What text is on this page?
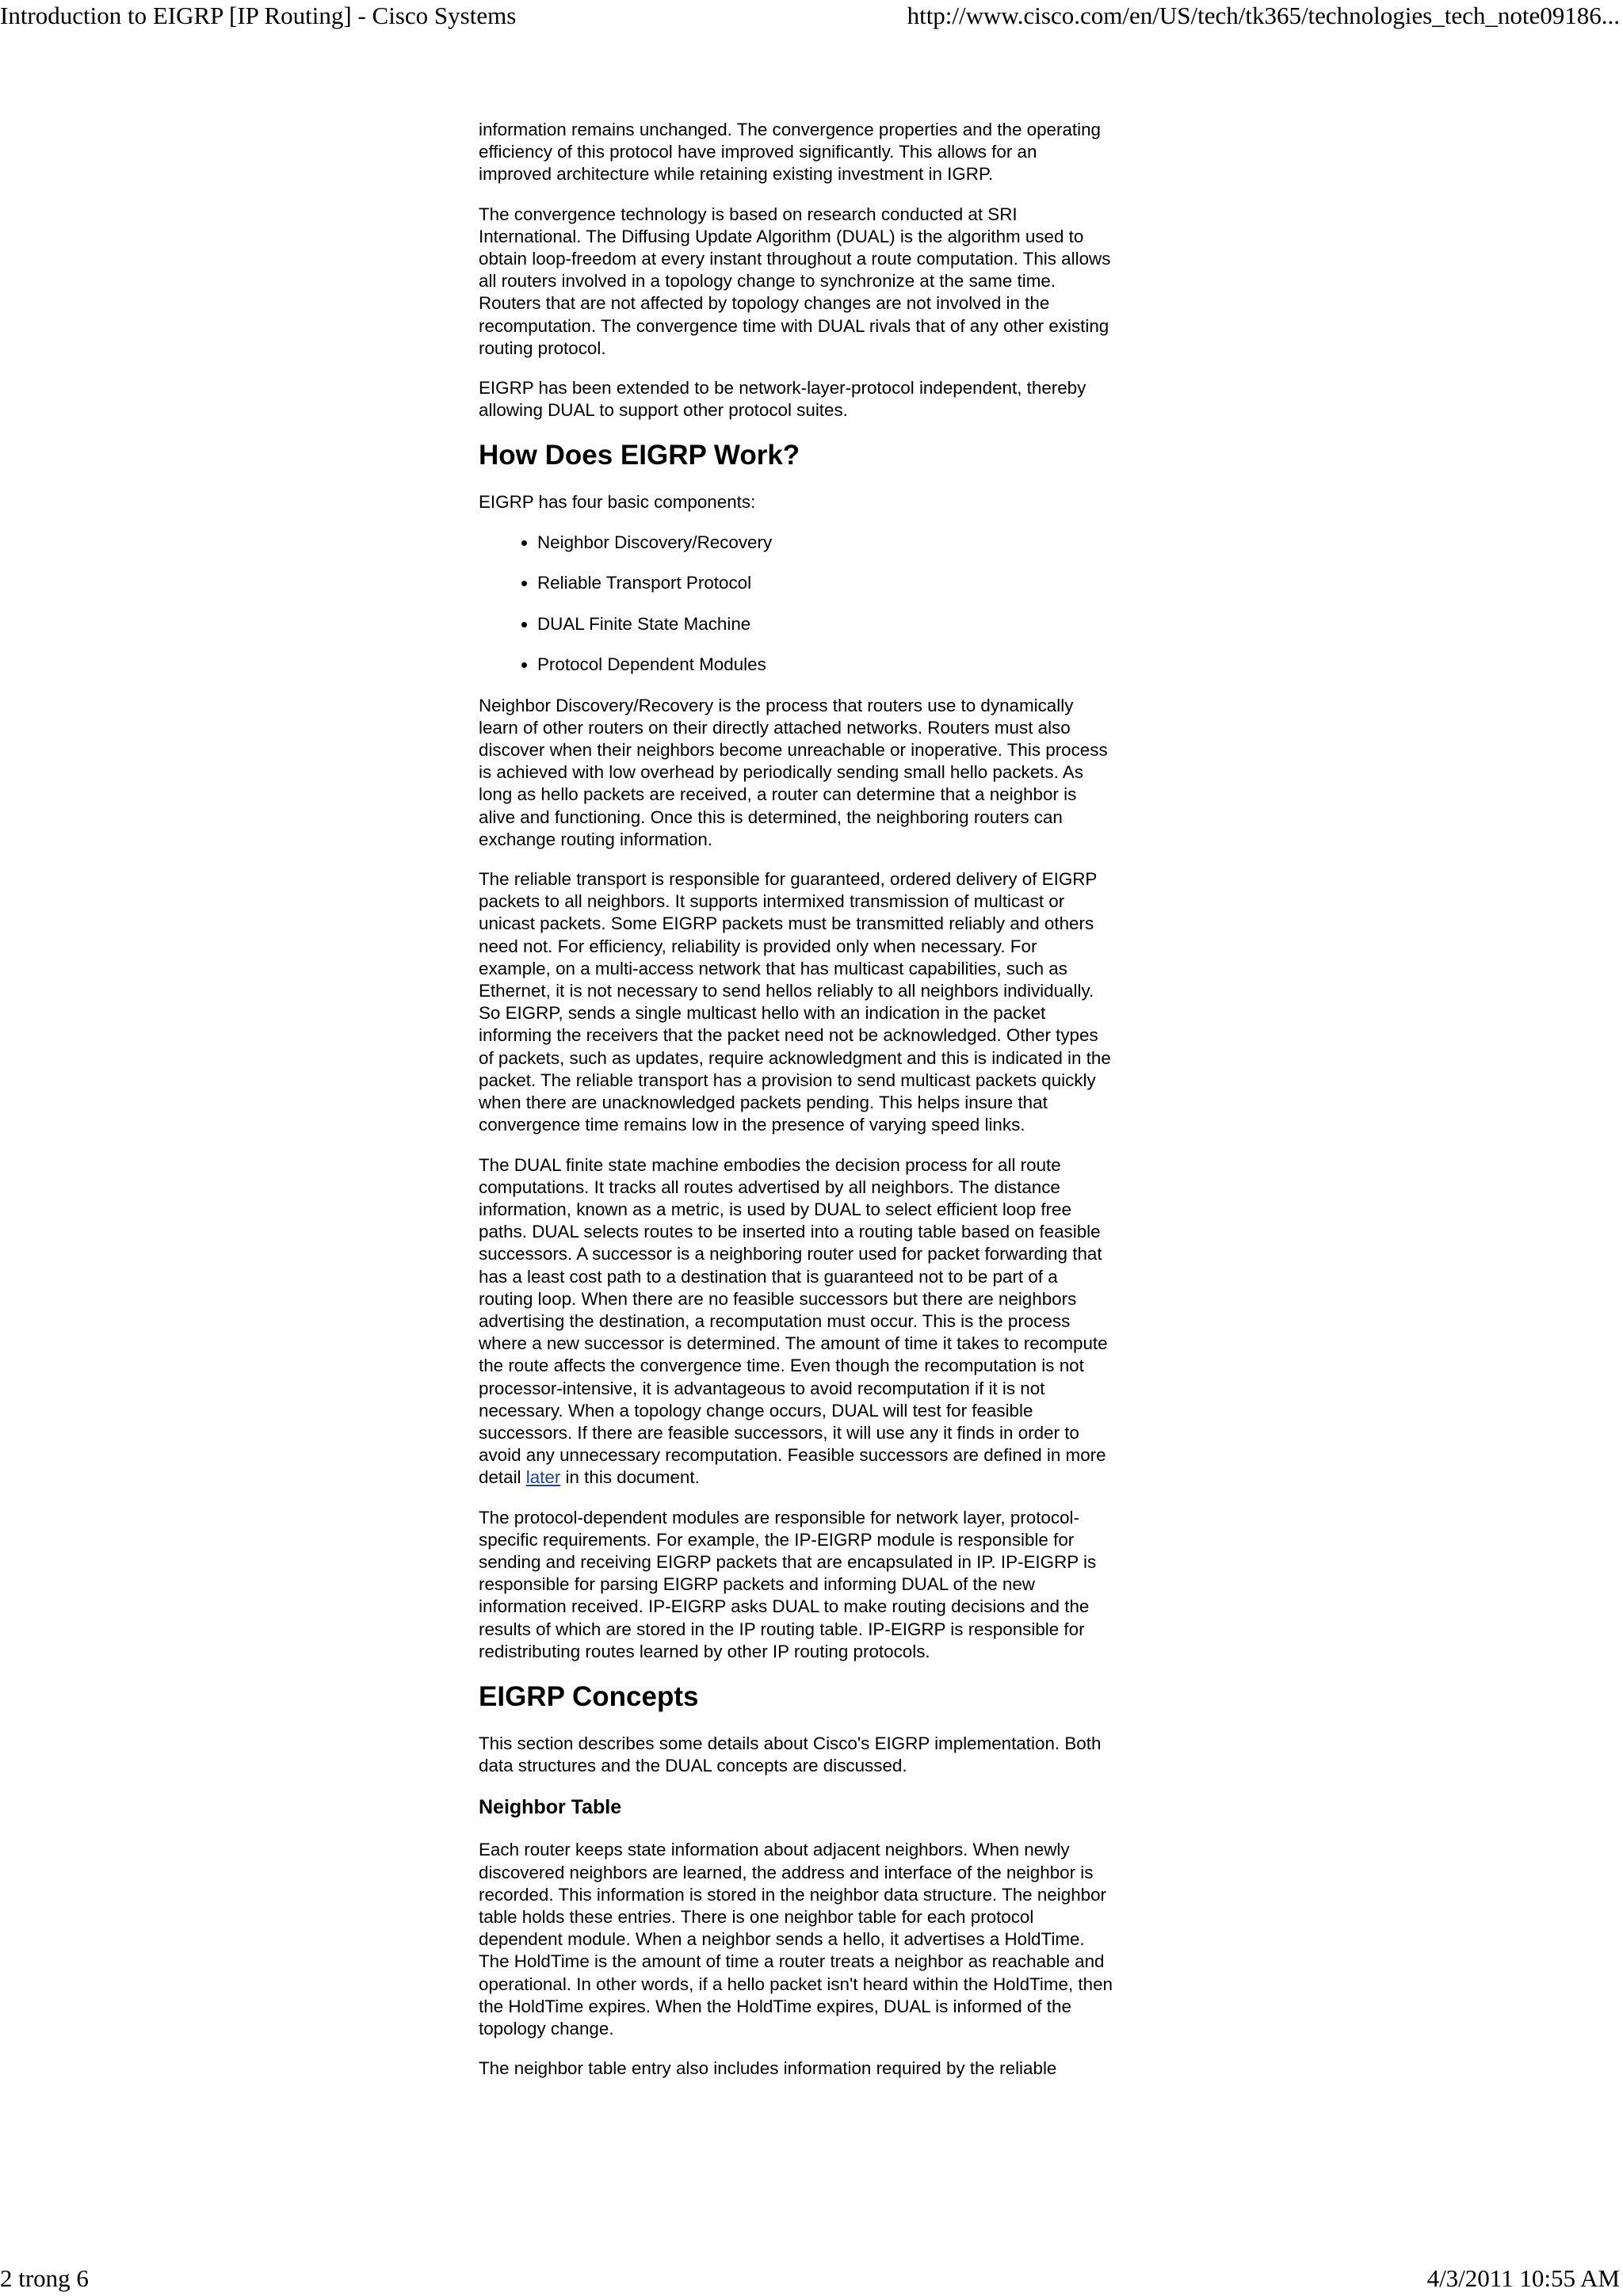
Introduction to EIGRP [IP Routing] - Cisco Systems	http://www.cisco.com/en/US/tech/tk365/technologies_tech_note09186...

information remains unchanged. The convergence properties and the operating efficiency of this protocol have improved significantly. This allows for an improved architecture while retaining existing investment in IGRP.

The convergence technology is based on research conducted at SRI International. The Diffusing Update Algorithm (DUAL) is the algorithm used to obtain loop-freedom at every instant throughout a route computation. This allows all routers involved in a topology change to synchronize at the same time. Routers that are not affected by topology changes are not involved in the recomputation. The convergence time with DUAL rivals that of any other existing routing protocol.

EIGRP has been extended to be network-layer-protocol independent, thereby allowing DUAL to support other protocol suites.

How Does EIGRP Work?

EIGRP has four basic components:

• Neighbor Discovery/Recovery
• Reliable Transport Protocol
• DUAL Finite State Machine
• Protocol Dependent Modules

Neighbor Discovery/Recovery is the process that routers use to dynamically learn of other routers on their directly attached networks. Routers must also discover when their neighbors become unreachable or inoperative. This process is achieved with low overhead by periodically sending small hello packets. As long as hello packets are received, a router can determine that a neighbor is alive and functioning. Once this is determined, the neighboring routers can exchange routing information.

The reliable transport is responsible for guaranteed, ordered delivery of EIGRP packets to all neighbors. It supports intermixed transmission of multicast or unicast packets. Some EIGRP packets must be transmitted reliably and others need not. For efficiency, reliability is provided only when necessary. For example, on a multi-access network that has multicast capabilities, such as Ethernet, it is not necessary to send hellos reliably to all neighbors individually. So EIGRP, sends a single multicast hello with an indication in the packet informing the receivers that the packet need not be acknowledged. Other types of packets, such as updates, require acknowledgment and this is indicated in the packet. The reliable transport has a provision to send multicast packets quickly when there are unacknowledged packets pending. This helps insure that convergence time remains low in the presence of varying speed links.

The DUAL finite state machine embodies the decision process for all route computations. It tracks all routes advertised by all neighbors. The distance information, known as a metric, is used by DUAL to select efficient loop free paths. DUAL selects routes to be inserted into a routing table based on feasible successors. A successor is a neighboring router used for packet forwarding that has a least cost path to a destination that is guaranteed not to be part of a routing loop. When there are no feasible successors but there are neighbors advertising the destination, a recomputation must occur. This is the process where a new successor is determined. The amount of time it takes to recompute the route affects the convergence time. Even though the recomputation is not processor-intensive, it is advantageous to avoid recomputation if it is not necessary. When a topology change occurs, DUAL will test for feasible successors. If there are feasible successors, it will use any it finds in order to avoid any unnecessary recomputation. Feasible successors are defined in more detail later in this document.

The protocol-dependent modules are responsible for network layer, protocol-specific requirements. For example, the IP-EIGRP module is responsible for sending and receiving EIGRP packets that are encapsulated in IP. IP-EIGRP is responsible for parsing EIGRP packets and informing DUAL of the new information received. IP-EIGRP asks DUAL to make routing decisions and the results of which are stored in the IP routing table. IP-EIGRP is responsible for redistributing routes learned by other IP routing protocols.

EIGRP Concepts

This section describes some details about Cisco's EIGRP implementation. Both data structures and the DUAL concepts are discussed.

Neighbor Table

Each router keeps state information about adjacent neighbors. When newly discovered neighbors are learned, the address and interface of the neighbor is recorded. This information is stored in the neighbor data structure. The neighbor table holds these entries. There is one neighbor table for each protocol dependent module. When a neighbor sends a hello, it advertises a HoldTime. The HoldTime is the amount of time a router treats a neighbor as reachable and operational. In other words, if a hello packet isn't heard within the HoldTime, then the HoldTime expires. When the HoldTime expires, DUAL is informed of the topology change.

The neighbor table entry also includes information required by the reliable

2 trong 6	4/3/2011 10:55 AM
